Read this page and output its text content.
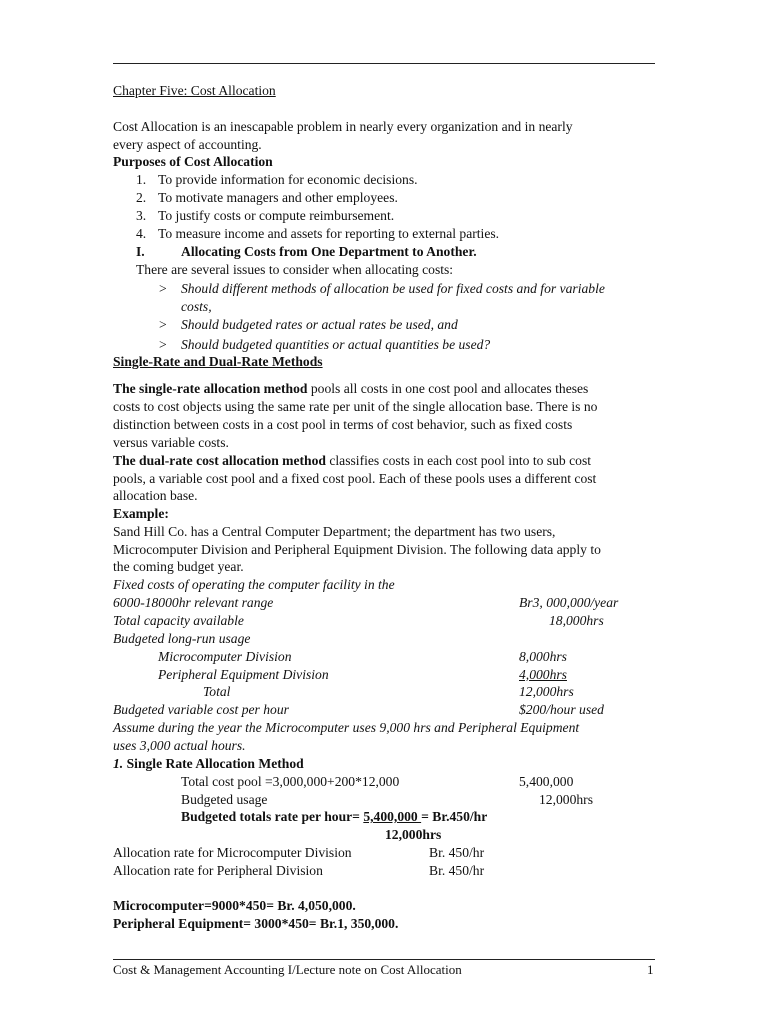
Chapter Five: Cost Allocation
Cost Allocation is an inescapable problem in nearly every organization and in nearly
every aspect of accounting.
Purposes of Cost Allocation
1. To provide information for economic decisions.
2. To motivate managers and other employees.
3. To justify costs or compute reimbursement.
4. To measure income and assets for reporting to external parties.
I.	Allocating Costs from One Department to Another.
There are several issues to consider when allocating costs:
> Should different methods of allocation be used for fixed costs and for variable
costs,
> Should budgeted rates or actual rates be used, and
> Should budgeted quantities or actual quantities be used?
Single-Rate and Dual-Rate Methods
The single-rate allocation method pools all costs in one cost pool and allocates theses
costs to cost objects using the same rate per unit of the single allocation base. There is no
distinction between costs in a cost pool in terms of cost behavior, such as fixed costs
versus variable costs.
The dual-rate cost allocation method classifies costs in each cost pool into to sub cost
pools, a variable cost pool and a fixed cost pool. Each of these pools uses a different cost
allocation base.
Example:
Sand Hill Co. has a Central Computer Department; the department has two users,
Microcomputer Division and Peripheral Equipment Division. The following data apply to
the coming budget year.
Fixed costs of operating the computer facility in the
6000-18000hr relevant range	Br3, 000,000/year
Total capacity available	18,000hrs
Budgeted long-run usage
Microcomputer Division	8,000hrs
Peripheral Equipment Division	4,000hrs
Total	12,000hrs
Budgeted variable cost per hour	$200/hour used
Assume during the year the Microcomputer uses 9,000 hrs and Peripheral Equipment
uses 3,000 actual hours.
1. Single Rate Allocation Method
Total cost pool =3,000,000+200*12,000	5,400,000
Budgeted usage	12,000hrs
Budgeted totals rate per hour= 5,400,000 = Br.450/hr
12,000hrs
Allocation rate for Microcomputer Division	Br. 450/hr
Allocation rate for Peripheral Division	Br. 450/hr
Microcomputer=9000*450= Br. 4,050,000.
Peripheral Equipment= 3000*450= Br.1, 350,000.
Cost & Management Accounting I/Lecture note on Cost Allocation	1
